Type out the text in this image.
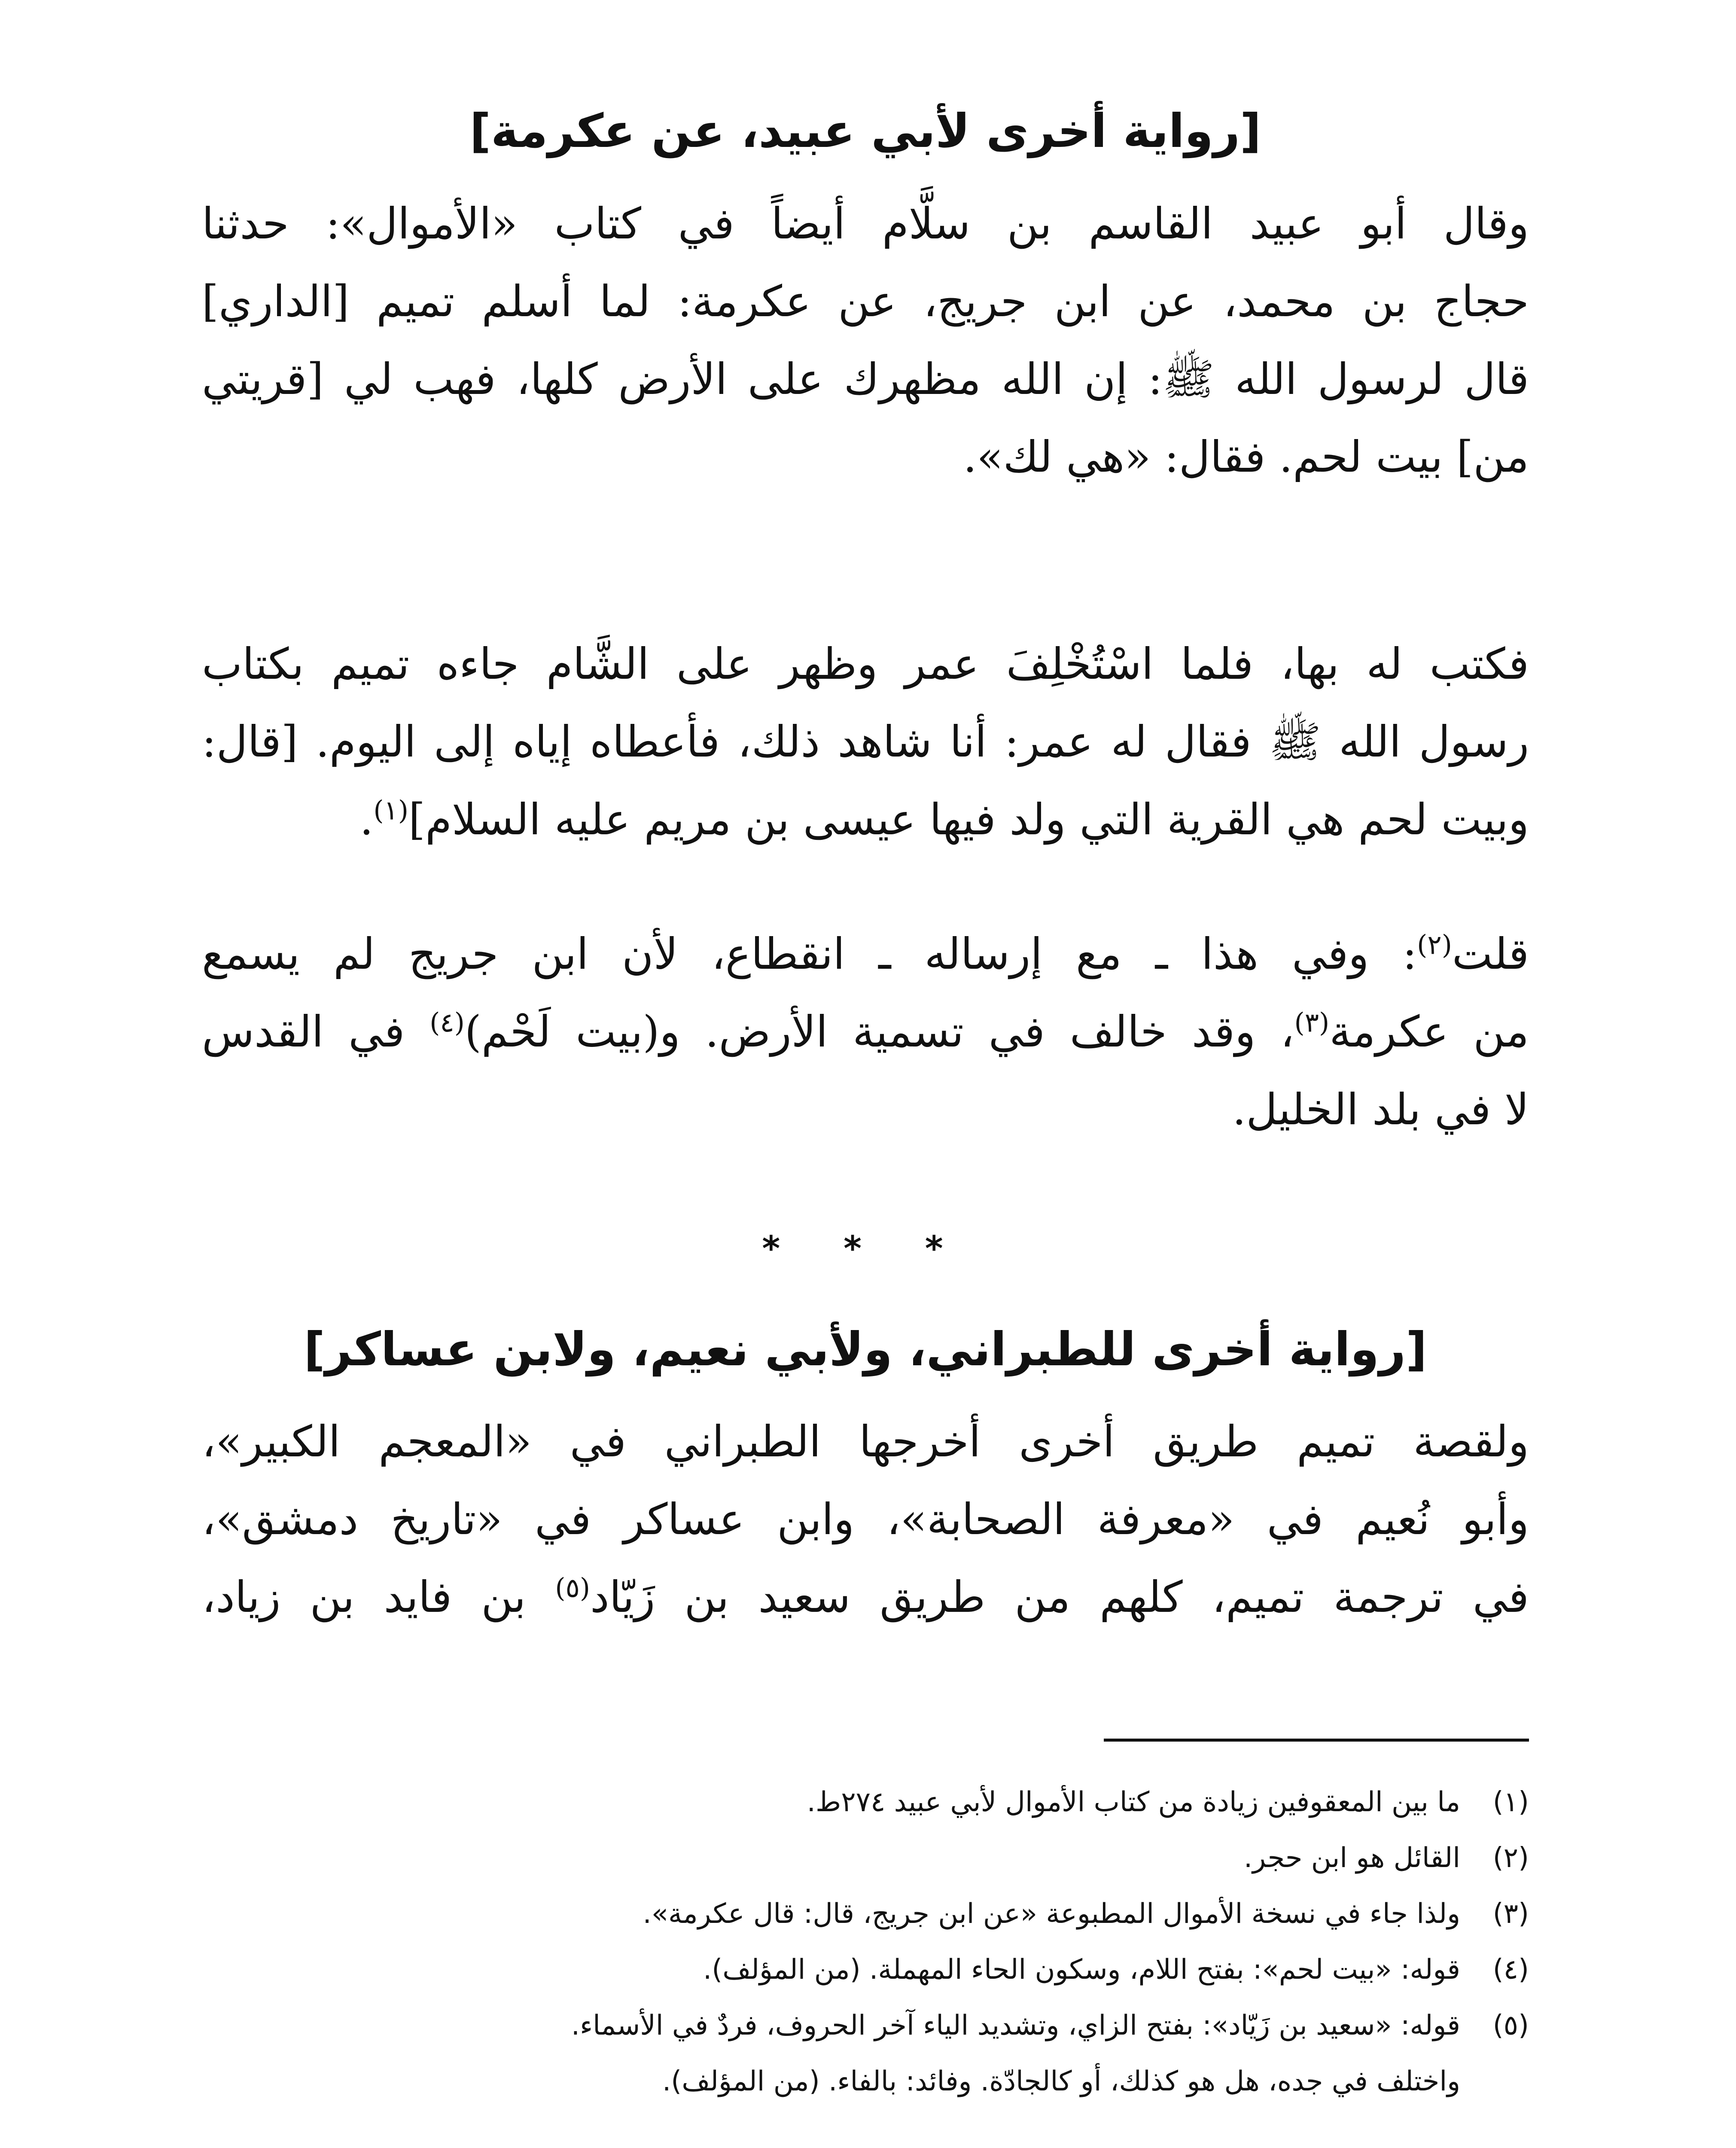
[رواية أخرى لأبي عبيد، عن عكرمة]
وقال أبو عبيد القاسم بن سلَّام أيضاً في كتاب «الأموال»: حدثنا
حجاج بن محمد، عن ابن جريج، عن عكرمة: لما أسلم تميم [الداري]
قال لرسول الله ﷺ: إن الله مظهرك على الأرض كلها، فهب لي [قريتي
من] بيت لحم. فقال: «هي لك».
فكتب له بها، فلما اسْتُخْلِفَ عمر وظهر على الشَّام جاءه تميم بكتاب
رسول الله ﷺ فقال له عمر: أنا شاهد ذلك، فأعطاه إياه إلى اليوم. [قال:
وبيت لحم هي القرية التي ولد فيها عيسى بن مريم عليه السلام]$^{(١)}$.
قلت$^{(٢)}$: وفي هذا ـ مع إرساله ـ انقطاع، لأن ابن جريج لم يسمع
من عكرمة$^{(٣)}$، وقد خالف في تسمية الأرض. و(بيت لَحْم)$^{(٤)}$ في القدس
لا في بلد الخليل.
* * *
[رواية أخرى للطبراني، ولأبي نعيم، ولابن عساكر]
ولقصة تميم طريق أخرى أخرجها الطبراني في «المعجم الكبير»،
وأبو نُعيم في «معرفة الصحابة»، وابن عساكر في «تاريخ دمشق»،
في ترجمة تميم، كلهم من طريق سعيد بن زَيّاد$^{(٥)}$ بن فايد بن زياد،
(١)ما بين المعقوفين زيادة من كتاب الأموال لأبي عبيد ٢٧٤ط.
(٢)القائل هو ابن حجر.
(٣)ولذا جاء في نسخة الأموال المطبوعة «عن ابن جريج، قال: قال عكرمة».
(٤)قوله: «بيت لحم»: بفتح اللام، وسكون الحاء المهملة. (من المؤلف).
(٥)قوله: «سعيد بن زَيّاد»: بفتح الزاي، وتشديد الياء آخر الحروف، فردٌ في الأسماء.
واختلف في جده، هل هو كذلك، أو كالجادّة. وفائد: بالفاء. (من المؤلف).
